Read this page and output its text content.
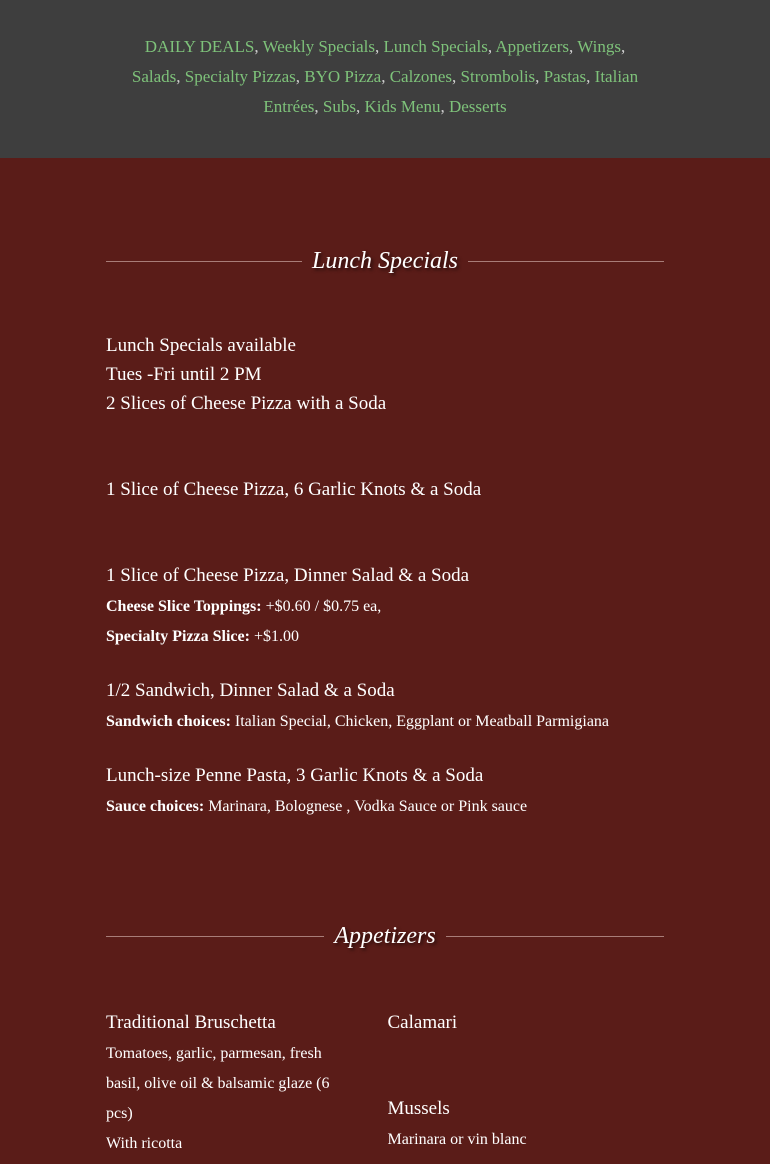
DAILY DEALS, Weekly Specials, Lunch Specials, Appetizers, Wings,
Salads, Specialty Pizzas, BYO Pizza, Calzones, Strombolis, Pastas, Italian Entrées, Subs, Kids Menu, Desserts
Lunch Specials
Lunch Specials available
Tues -Fri until 2 PM
2 Slices of Cheese Pizza with a Soda
1 Slice of Cheese Pizza, 6 Garlic Knots & a Soda
1 Slice of Cheese Pizza, Dinner Salad & a Soda
Cheese Slice Toppings: +$0.60 / $0.75 ea,
Specialty Pizza Slice: +$1.00
1/2 Sandwich, Dinner Salad & a Soda
Sandwich choices: Italian Special, Chicken, Eggplant or Meatball Parmigiana
Lunch-size Penne Pasta, 3 Garlic Knots & a Soda
Sauce choices: Marinara, Bolognese , Vodka Sauce or Pink sauce
Appetizers
Traditional Bruschetta
Tomatoes, garlic, parmesan, fresh basil, olive oil & balsamic glaze (6 pcs)
With ricotta
Calamari
Mussels
Marinara or vin blanc
